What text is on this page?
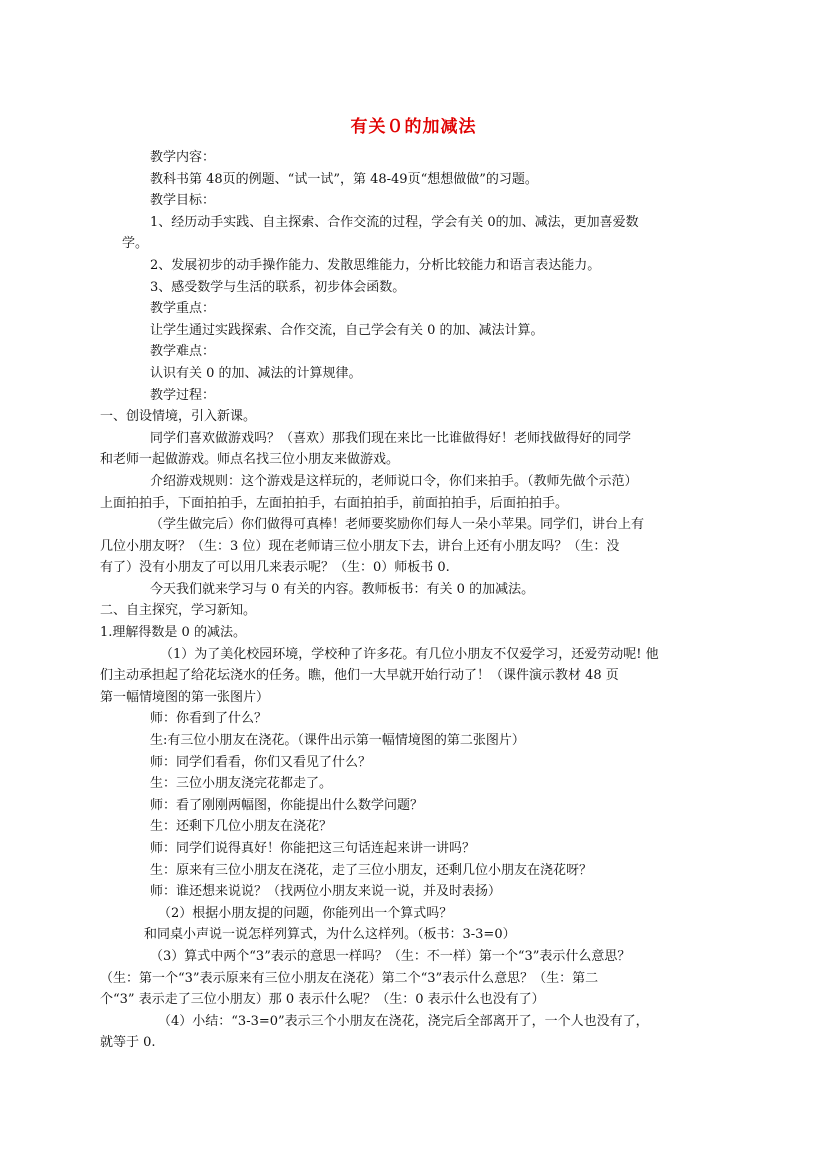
有关０的加减法
教学内容：
教科书第 48页的例题、“试一试”，第 48-49页“想想做做”的习题。
教学目标：
1、经历动手实践、自主探索、合作交流的过程，学会有关 0的加、减法，更加喜爱数
学。
2、发展初步的动手操作能力、发散思维能力，分析比较能力和语言表达能力。
3、感受数学与生活的联系，初步体会函数。
教学重点：
让学生通过实践探索、合作交流，自己学会有关 0 的加、减法计算。
教学难点：
认识有关 0 的加、减法的计算规律。
教学过程：
一、创设情境，引入新课。
同学们喜欢做游戏吗？（喜欢）那我们现在来比一比谁做得好！老师找做得好的同学
和老师一起做游戏。师点名找三位小朋友来做游戏。
介绍游戏规则：这个游戏是这样玩的，老师说口令，你们来拍手。（教师先做个示范）
上面拍拍手，下面拍拍手，左面拍拍手，右面拍拍手，前面拍拍手，后面拍拍手。
（学生做完后）你们做得可真棒！老师要奖励你们每人一朵小苹果。同学们，讲台上有
几位小朋友呀？（生：3 位）现在老师请三位小朋友下去，讲台上还有小朋友吗？（生：没
有了）没有小朋友了可以用几来表示呢？（生：0）师板书 0.
今天我们就来学习与 0 有关的内容。教师板书：有关 0 的加减法。
二、自主探究，学习新知。
1.理解得数是 0 的减法。
（1）为了美化校园环境，学校种了许多花。有几位小朋友不仅爱学习，还爱劳动呢! 他
们主动承担起了给花坛浇水的任务。瞧，他们一大早就开始行动了！（课件演示教材 48 页
第一幅情境图的第一张图片）
师：你看到了什么？
生:有三位小朋友在浇花。（课件出示第一幅情境图的第二张图片）
师：同学们看看，你们又看见了什么？
生：三位小朋友浇完花都走了。
师：看了刚刚两幅图，你能提出什么数学问题？
生：还剩下几位小朋友在浇花？
师：同学们说得真好！你能把这三句话连起来讲一讲吗？
生：原来有三位小朋友在浇花，走了三位小朋友，还剩几位小朋友在浇花呀？
师：谁还想来说说？（找两位小朋友来说一说，并及时表扬）
（2）根据小朋友提的问题，你能列出一个算式吗？
和同桌小声说一说怎样列算式，为什么这样列。（板书：3-3=0）
（3）算式中两个“3”表示的意思一样吗？（生：不一样）第一个“3”表示什么意思？
（生：第一个“3”表示原来有三位小朋友在浇花）第二个“3”表示什么意思？（生：第二
个“3” 表示走了三位小朋友）那 0 表示什么呢？（生：0 表示什么也没有了）
（4）小结：“3-3=0”表示三个小朋友在浇花，浇完后全部离开了，一个人也没有了，
就等于 0.
